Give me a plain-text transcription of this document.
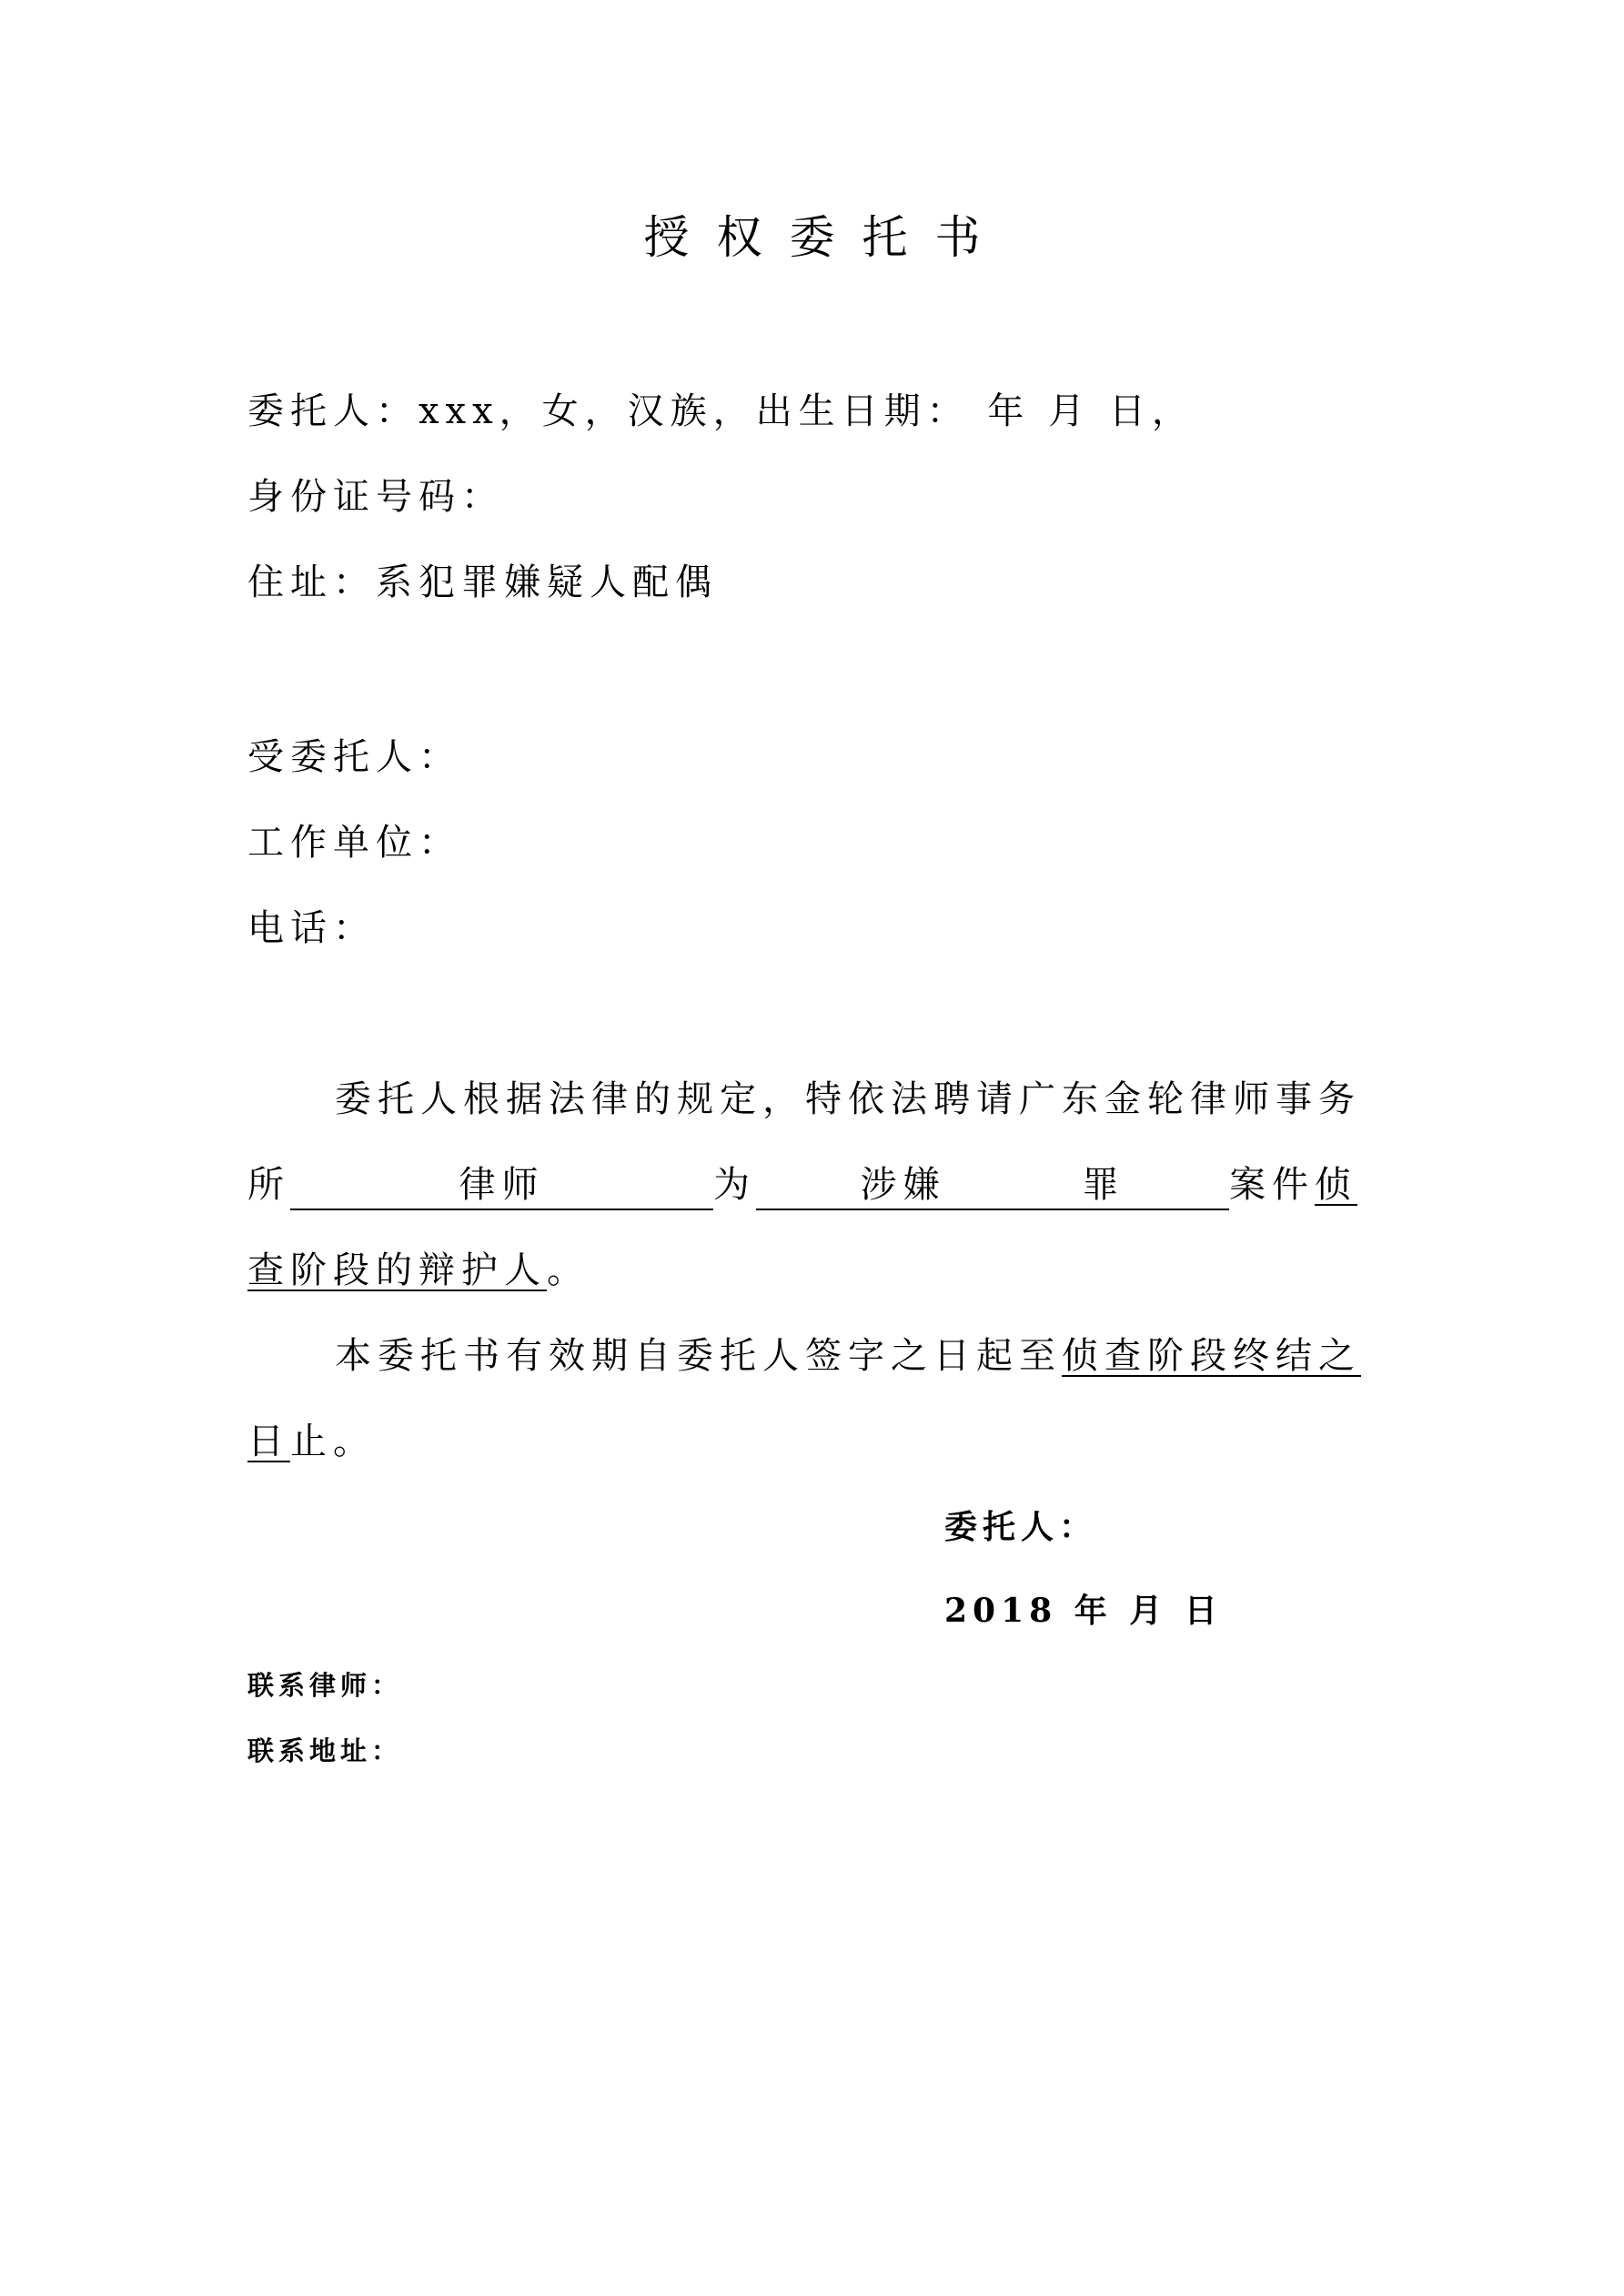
授权委托书
委托人：xxx，女，汉族，出生日期： 年 月 日，
身份证号码：
住址：系犯罪嫌疑人配偶
受委托人：
工作单位：
电话：
委托人根据法律的规定，特依法聘请广东金轮律师事务
所	律师	为	涉嫌	罪	案件侦
查阶段的辩护人。
本委托书有效期自委托人签字之日起至侦查阶段终结之
日止。
委托人：
2018 年 月 日
联系律师：
联系地址：
